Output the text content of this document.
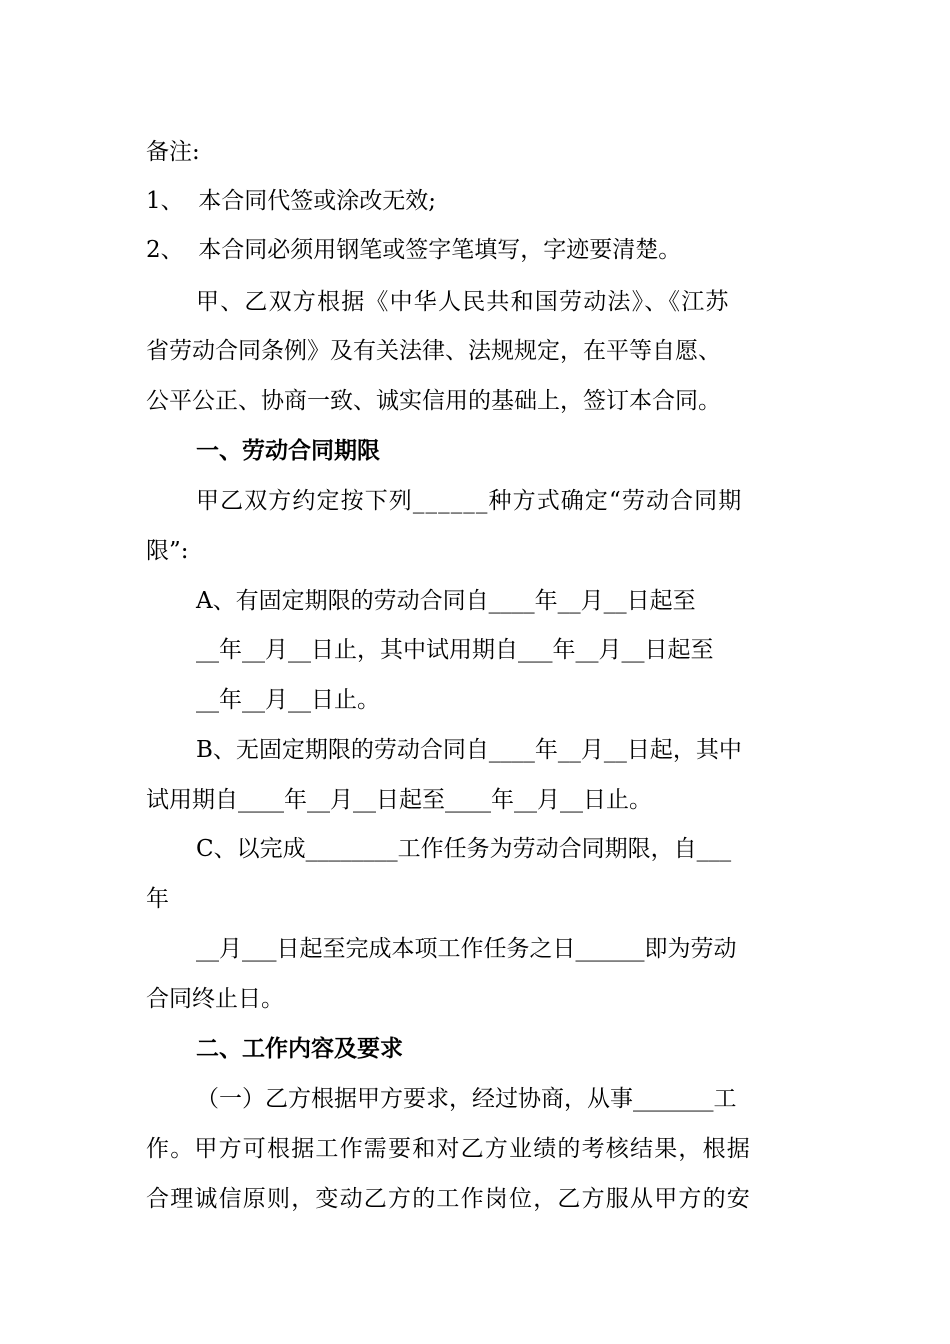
备注:
1、  本合同代签或涂改无效;
2、  本合同必须用钢笔或签字笔填写，字迹要清楚。
甲、乙双方根据《中华人民共和国劳动法》、《江苏
省劳动合同条例》及有关法律、法规规定，在平等自愿、
公平公正、协商一致、诚实信用的基础上，签订本合同。
一、劳动合同期限
甲乙双方约定按下列______种方式确定“劳动合同期
限”:
A、有固定期限的劳动合同自____年__月__日起至
__年__月__日止，其中试用期自___年__月__日起至
__年__月__日止。
B、无固定期限的劳动合同自____年__月__日起，其中
试用期自____年__月__日起至____年__月__日止。
C、以完成________工作任务为劳动合同期限，自___
年
__月___日起至完成本项工作任务之日______即为劳动
合同终止日。
二、工作内容及要求
（一）乙方根据甲方要求，经过协商，从事_______工
作。甲方可根据工作需要和对乙方业绩的考核结果，根据
合理诚信原则，变动乙方的工作岗位，乙方服从甲方的安
